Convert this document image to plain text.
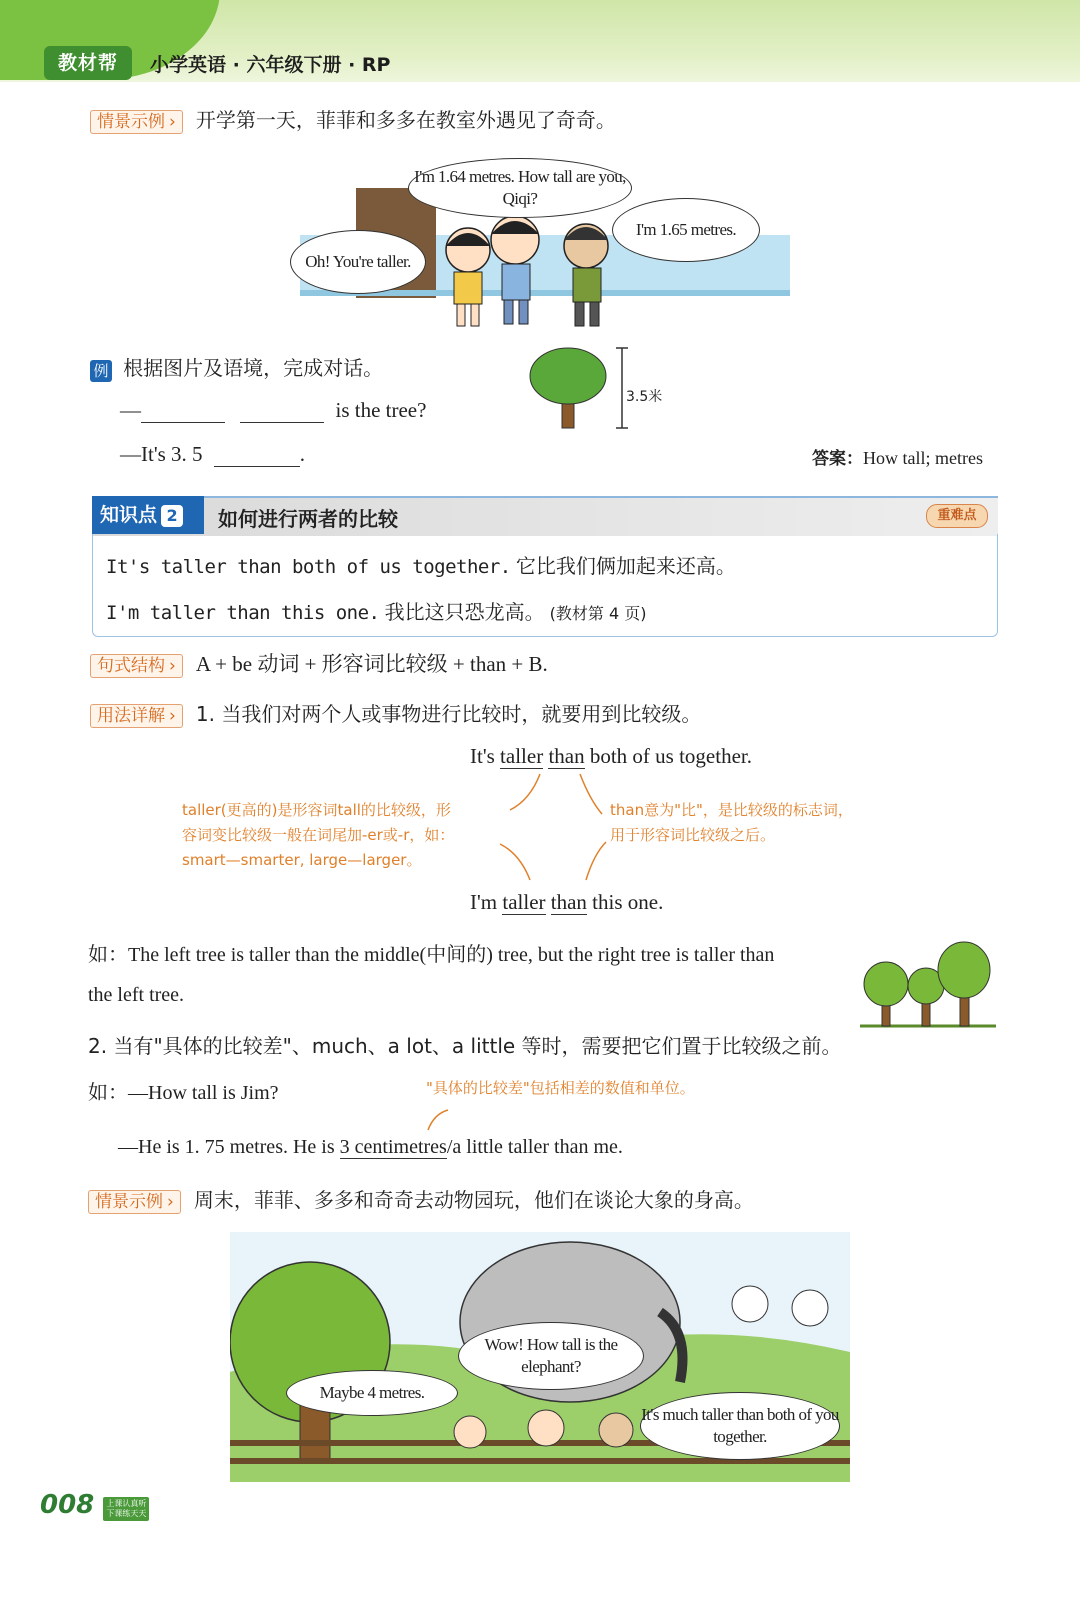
教材帮	小学英语 · 六年级下册 · RP
情景示例 › 开学第一天，菲菲和多多在教室外遇见了奇奇。
I'm 1.64 metres. How tall are you, Qiqi?
I'm 1.65 metres.
Oh! You're taller.
例 根据图片及语境，完成对话。
—	is the tree?
—It's 3. 5	.
3.5米
答案：How tall; metres
知识点 2	如何进行两者的比较	重难点
It's taller than both of us together. 它比我们俩加起来还高。
I'm taller than this one. 我比这只恐龙高。 (教材第 4 页)
句式结构 › A + be 动词 + 形容词比较级 + than + B.
用法详解 › 1. 当我们对两个人或事物进行比较时，就要用到比较级。
It's taller than both of us together.
taller(更高的)是形容词tall的比较级，形
容词变比较级一般在词尾加-er或-r，如：
smart—smarter, large—larger。
than意为"比"，是比较级的标志词，
用于形容词比较级之后。
I'm taller than this one.
如：The left tree is taller than the middle(中间的) tree, but the right tree is taller than
the left tree.
2. 当有"具体的比较差"、much、a lot、a little 等时，需要把它们置于比较级之前。
如：—How tall is Jim?	"具体的比较差"包括相差的数值和单位。
—He is 1. 75 metres. He is 3 centimetres/a little taller than me.
情景示例 › 周末，菲菲、多多和奇奇去动物园玩，他们在谈论大象的身高。
Wow! How tall is the elephant?
Maybe 4 metres.
It's much taller than both of you together.
008 上课认真听
下课练天天
